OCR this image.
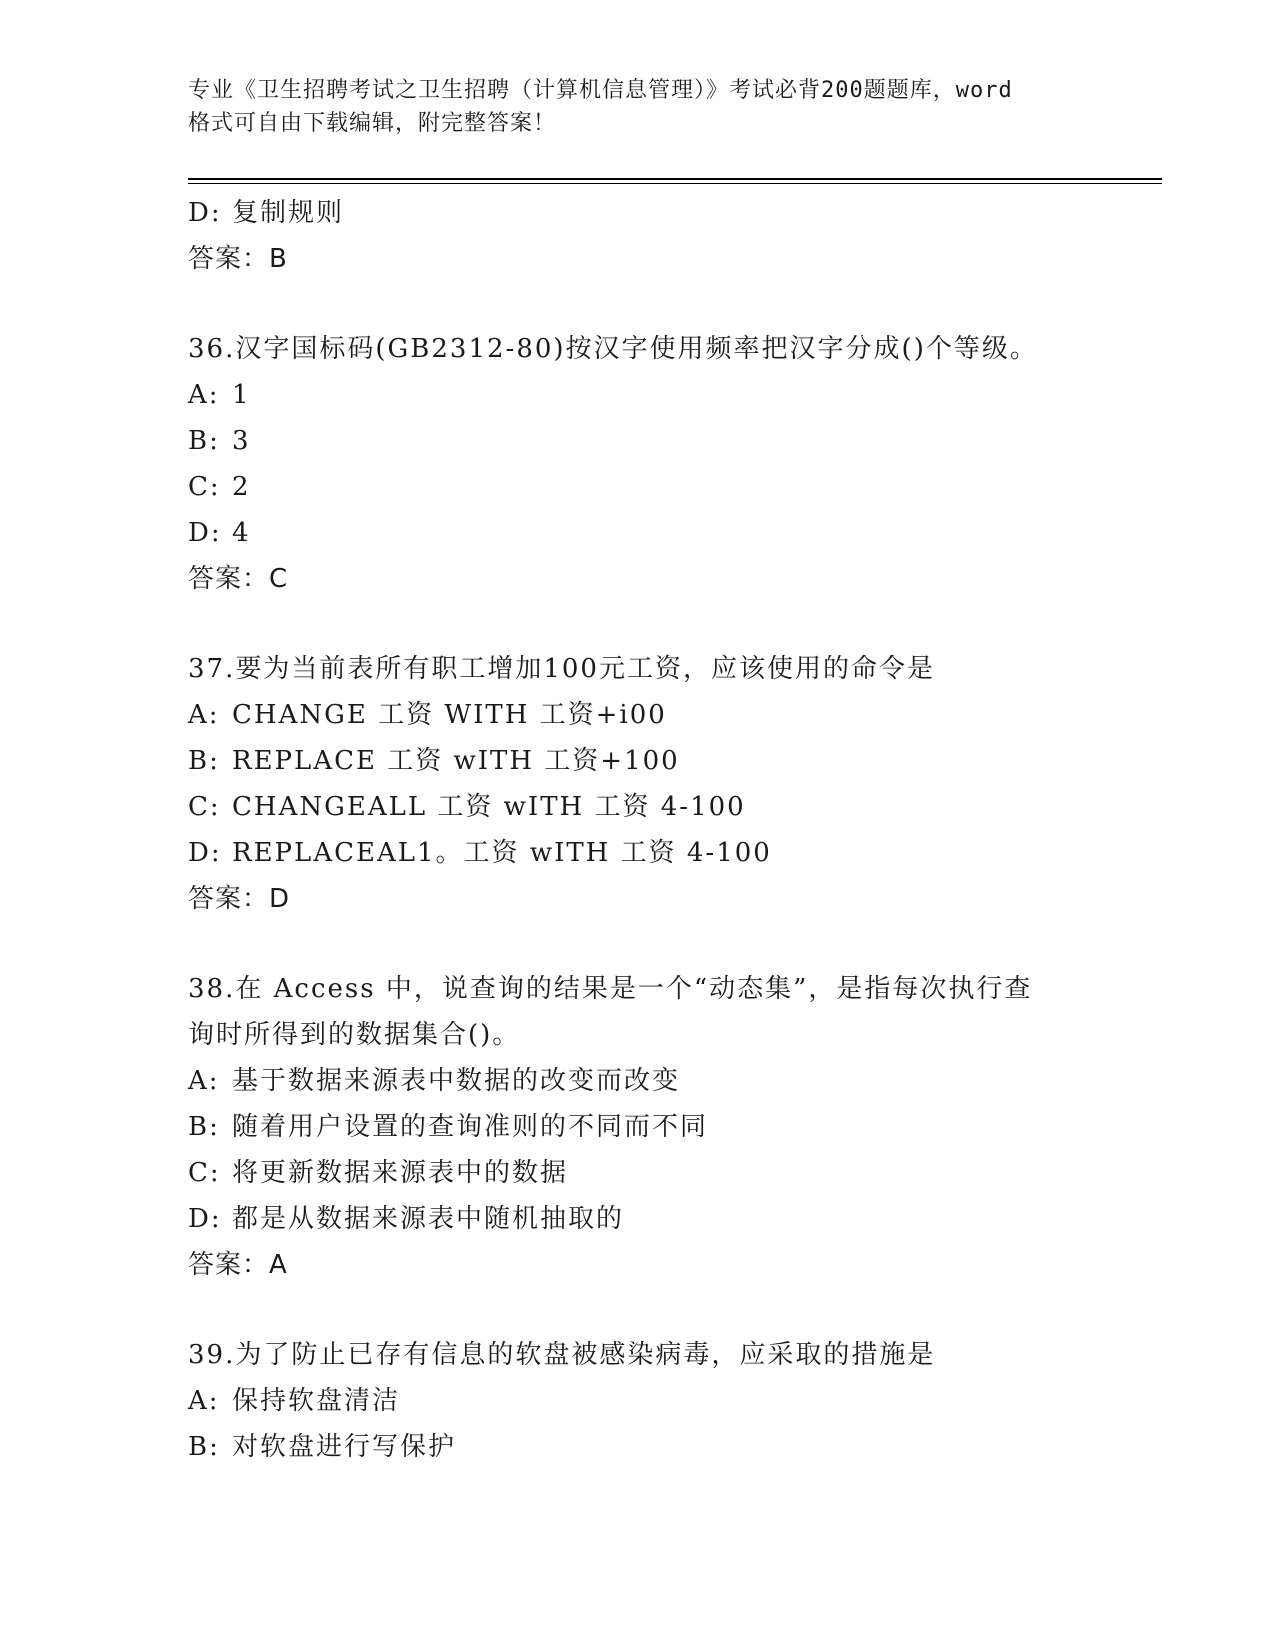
专业《卫生招聘考试之卫生招聘（计算机信息管理）》考试必背200题题库，word
格式可自由下载编辑，附完整答案！
D: 复制规则
答案：B
36.汉字国标码(GB2312-80)按汉字使用频率把汉字分成()个等级。
A: 1
B: 3
C: 2
D: 4
答案：C
37.要为当前表所有职工增加100元工资，应该使用的命令是
A: CHANGE 工资 WITH 工资+i00
B: REPLACE 工资 wITH 工资+100
C: CHANGEALL 工资 wITH 工资 4-100
D: REPLACEAL1。工资 wITH 工资 4-100
答案：D
38.在 Access 中，说查询的结果是一个“动态集”，是指每次执行查
询时所得到的数据集合()。
A: 基于数据来源表中数据的改变而改变
B: 随着用户设置的查询准则的不同而不同
C: 将更新数据来源表中的数据
D: 都是从数据来源表中随机抽取的
答案：A
39.为了防止已存有信息的软盘被感染病毒，应采取的措施是
A: 保持软盘清洁
B: 对软盘进行写保护
